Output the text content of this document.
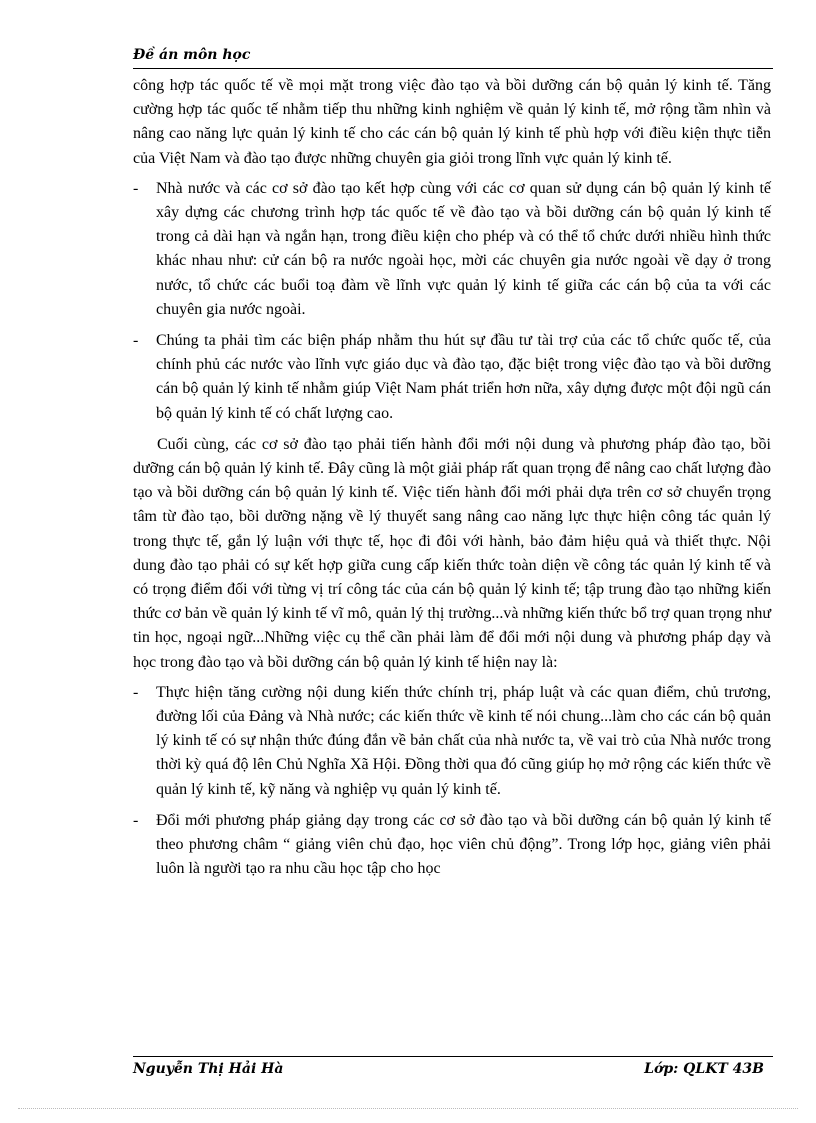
Đề án môn học

công hợp tác quốc tế về mọi mặt trong việc đào tạo và bồi dưỡng cán bộ quản lý kinh tế. Tăng cường hợp tác quốc tế nhằm tiếp thu những kinh nghiệm về quản lý kinh tế, mở rộng tầm nhìn và nâng cao năng lực quản lý kinh tế cho các cán bộ quản lý kinh tế phù hợp với điều kiện thực tiễn của Việt Nam và đào tạo được những chuyên gia giỏi trong lĩnh vực quản lý kinh tế.

- Nhà nước và các cơ sở đào tạo kết hợp cùng với các cơ quan sử dụng cán bộ quản lý kinh tế xây dựng các chương trình hợp tác quốc tế về đào tạo và bồi dưỡng cán bộ quản lý kinh tế trong cả dài hạn và ngắn hạn, trong điều kiện cho phép và có thể tổ chức dưới nhiều hình thức khác nhau như: cử cán bộ ra nước ngoài học, mời các chuyên gia nước ngoài về dạy ở trong nước, tổ chức các buổi toạ đàm về lĩnh vực quản lý kinh tế giữa các cán bộ của ta với các chuyên gia nước ngoài.
- Chúng ta phải tìm các biện pháp nhằm thu hút sự đầu tư tài trợ của các tổ chức quốc tế, của chính phủ các nước vào lĩnh vực giáo dục và đào tạo, đặc biệt trong việc đào tạo và bồi dưỡng cán bộ quản lý kinh tế nhằm giúp Việt Nam phát triển hơn nữa, xây dựng được một đội ngũ cán bộ quản lý kinh tế có chất lượng cao.

Cuối cùng, các cơ sở đào tạo phải tiến hành đổi mới nội dung và phương pháp đào tạo, bồi dưỡng cán bộ quản lý kinh tế. Đây cũng là một giải pháp rất quan trọng để nâng cao chất lượng đào tạo và bồi dưỡng cán bộ quản lý kinh tế. Việc tiến hành đổi mới phải dựa trên cơ sở chuyển trọng tâm từ đào tạo, bồi dưỡng nặng về lý thuyết sang nâng cao năng lực thực hiện công tác quản lý trong thực tế, gắn lý luận với thực tế, học đi đôi với hành, bảo đảm hiệu quả và thiết thực. Nội dung đào tạo phải có sự kết hợp giữa cung cấp kiến thức toàn diện về công tác quản lý kinh tế và có trọng điểm đối với từng vị trí công tác của cán bộ quản lý kinh tế; tập trung đào tạo những kiến thức cơ bản về quản lý kinh tế vĩ mô, quản lý thị trường...và những kiến thức bổ trợ quan trọng như tin học, ngoại ngữ...Những việc cụ thể cần phải làm để đổi mới nội dung và phương pháp dạy và học trong đào tạo và bồi dưỡng cán bộ quản lý kinh tế hiện nay là:

- Thực hiện tăng cường nội dung kiến thức chính trị, pháp luật và các quan điểm, chủ trương, đường lối của Đảng và Nhà nước; các kiến thức về kinh tế nói chung...làm cho các cán bộ quản lý kinh tế có sự nhận thức đúng đắn về bản chất của nhà nước ta, về vai trò của Nhà nước trong thời kỳ quá độ lên Chủ Nghĩa Xã Hội. Đồng thời qua đó cũng giúp họ mở rộng các kiến thức về quản lý kinh tế, kỹ năng và nghiệp vụ quản lý kinh tế.
- Đổi mới phương pháp giảng dạy trong các cơ sở đào tạo và bồi dưỡng cán bộ quản lý kinh tế theo phương châm “ giảng viên chủ đạo, học viên chủ động”. Trong lớp học, giảng viên phải luôn là người tạo ra nhu cầu học tập cho học
Nguyễn Thị Hải Hà	Lớp: QLKT 43B
